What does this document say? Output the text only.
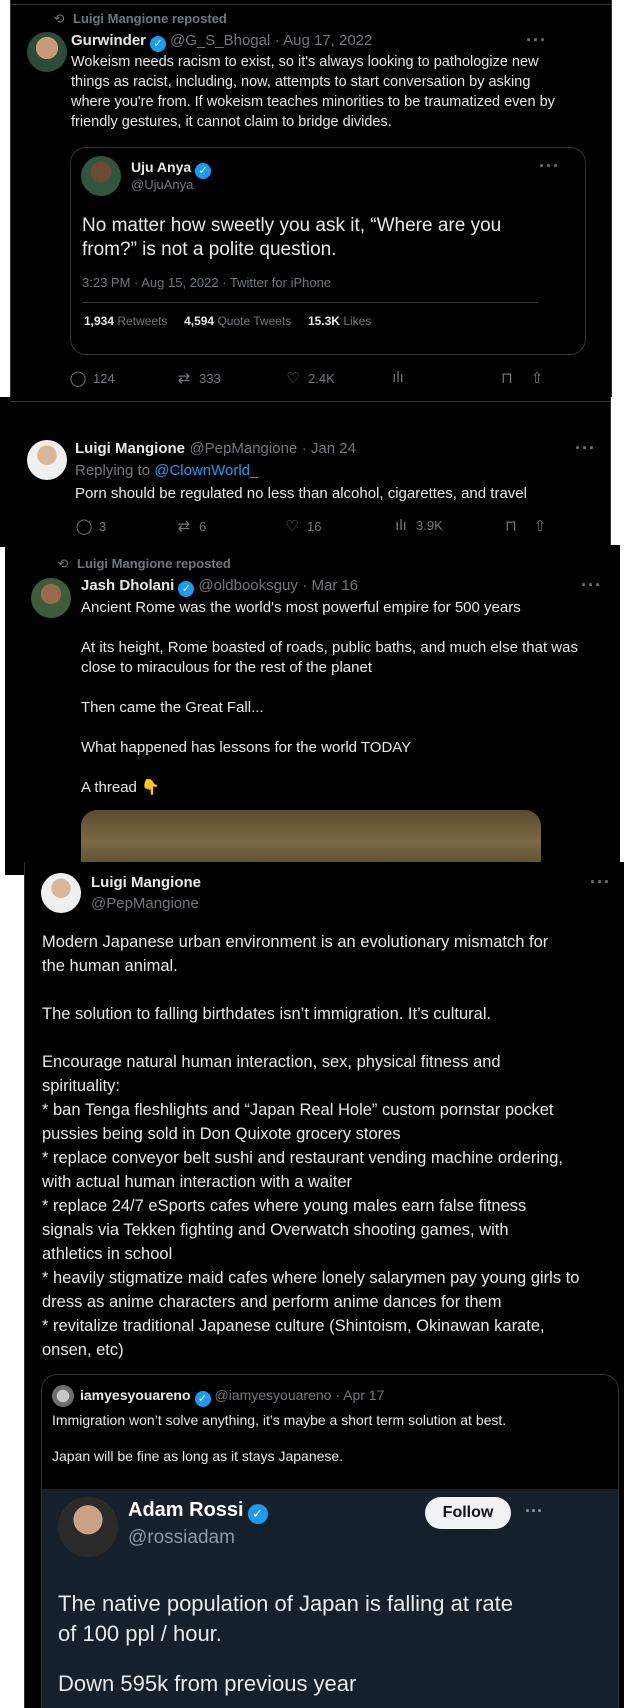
⟲ Luigi Mangione reposted
Gurwinder ✓ @G_S_Bhogal · Aug 17, 2022	···
Wokeism needs racism to exist, so it's always looking to pathologize new
things as racist, including, now, attempts to start conversation by asking
where you're from. If wokeism teaches minorities to be traumatized even by
friendly gestures, it cannot claim to bridge divides.
Uju Anya ✓
@UjuAnya
···
No matter how sweetly you ask it, “Where are you
from?” is not a polite question.
3:23 PM · Aug 15, 2022 · Twitter for iPhone
1,934 Retweets 4,594 Quote Tweets 15.3K Likes
◯ 124	⇄ 333	♡ 2.4K	ılı	⊓	⇧
Luigi Mangione @PepMangione · Jan 24	···
Replying to @ClownWorld_
Porn should be regulated no less than alcohol, cigarettes, and travel
◯ 3	⇄ 6	♡ 16	ılı 3.9K	⊓	⇧
⟲ Luigi Mangione reposted
Jash Dholani ✓ @oldbooksguy · Mar 16	···
Ancient Rome was the world's most powerful empire for 500 years

At its height, Rome boasted of roads, public baths, and much else that was
close to miraculous for the rest of the planet

Then came the Great Fall...

What happened has lessons for the world TODAY

A thread 👇
Luigi Mangione
@PepMangione
···
Modern Japanese urban environment is an evolutionary mismatch for
the human animal.

The solution to falling birthdates isn’t immigration. It’s cultural.

Encourage natural human interaction, sex, physical fitness and
spirituality:
* ban Tenga fleshlights and “Japan Real Hole” custom pornstar pocket
pussies being sold in Don Quixote grocery stores
* replace conveyor belt sushi and restaurant vending machine ordering,
with actual human interaction with a waiter
* replace 24/7 eSports cafes where young males earn false fitness
signals via Tekken fighting and Overwatch shooting games, with
athletics in school
* heavily stigmatize maid cafes where lonely salarymen pay young girls to
dress as anime characters and perform anime dances for them
* revitalize traditional Japanese culture (Shintoism, Okinawan karate,
onsen, etc)
iamyesyouareno ✓ @iamyesyouareno · Apr 17
Immigration won’t solve anything, it’s maybe a short term solution at best.

Japan will be fine as long as it stays Japanese.
Adam Rossi ✓
@rossiadam
Follow	···
The native population of Japan is falling at rate
of 100 ppl / hour.
Down 595k from previous year
